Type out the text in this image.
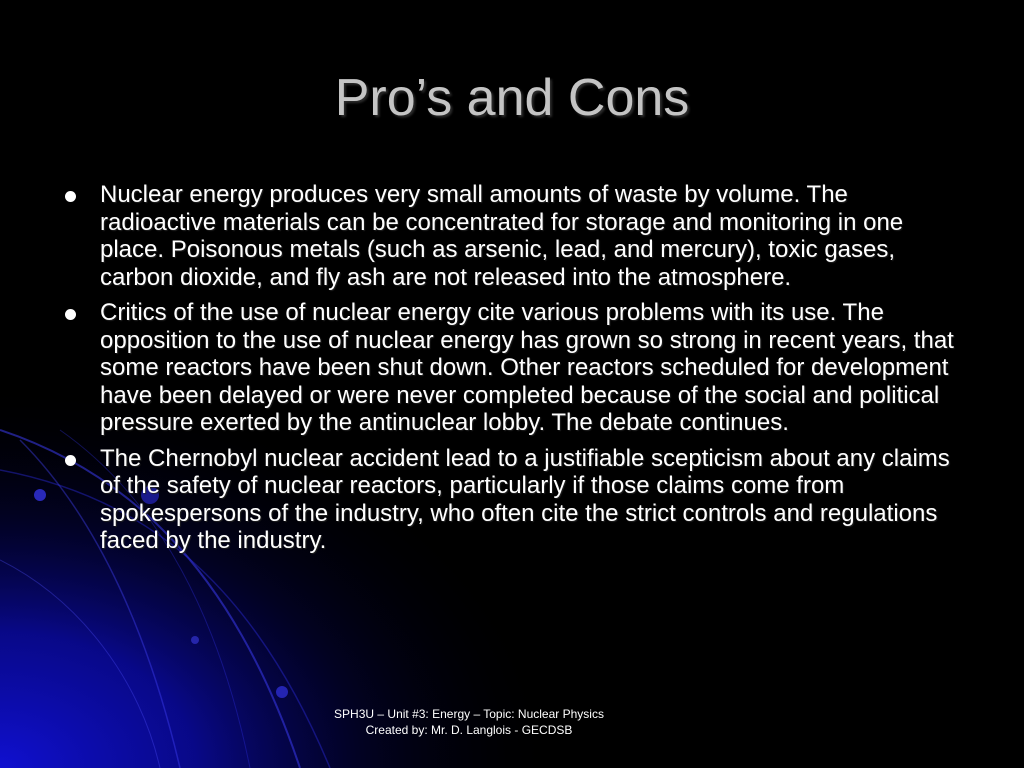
Pro’s and Cons
Nuclear energy produces very small amounts of waste by volume. The radioactive materials can be concentrated for storage and monitoring in one place. Poisonous metals (such as arsenic, lead, and mercury), toxic gases, carbon dioxide, and fly ash are not released into the atmosphere.
Critics of the use of nuclear energy cite various problems with its use. The opposition to the use of nuclear energy has grown so strong in recent years, that some reactors have been shut down. Other reactors scheduled for development have been delayed or were never completed because of the social and political pressure exerted by the antinuclear lobby. The debate continues.
The Chernobyl nuclear accident lead to a justifiable scepticism about any claims of the safety of nuclear reactors, particularly if those claims come from spokespersons of the industry, who often cite the strict controls and regulations faced by the industry.
SPH3U – Unit #3: Energy – Topic: Nuclear Physics
Created by: Mr. D. Langlois - GECDSB
